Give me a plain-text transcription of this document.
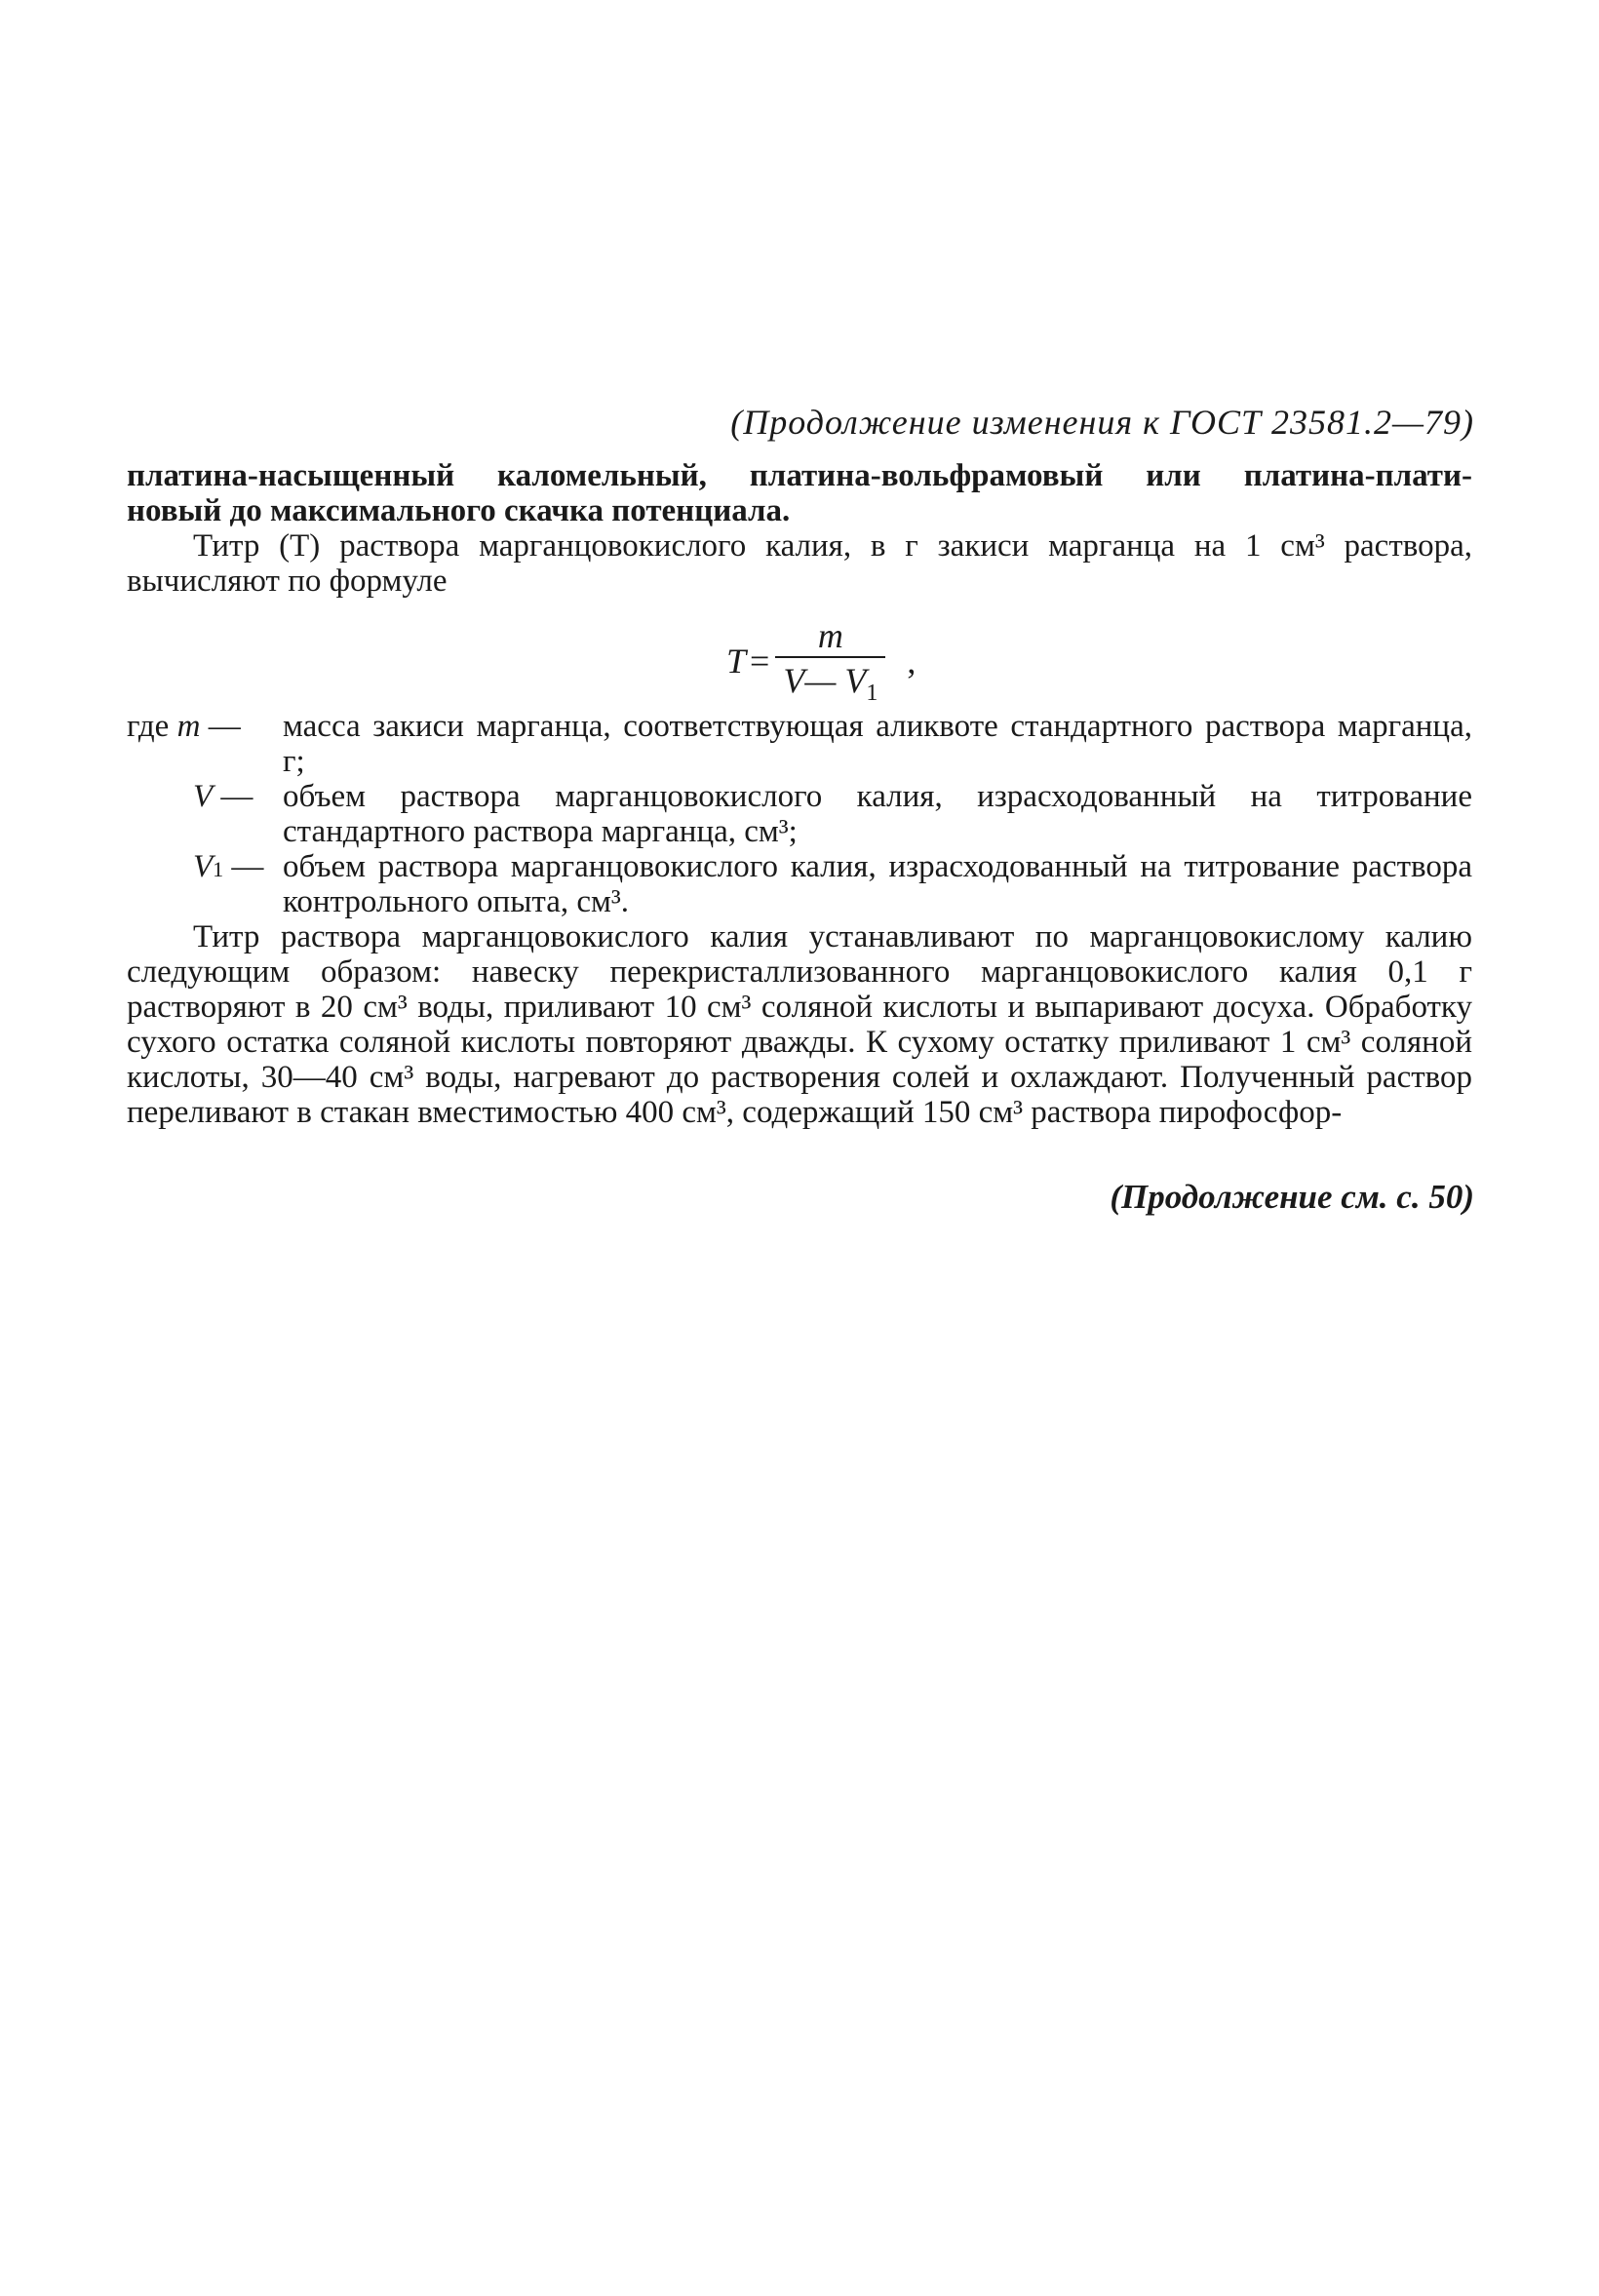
(Продолжение изменения к ГОСТ 23581.2—79)
платина-насыщенный каломельный, платина-вольфрамовый или платина-плати-
новый до максимального скачка потенциала.
Титр (T) раствора марганцовокислого калия, в г закиси марганца на 1 см³ раствора, вычисляют по формуле
$T = \frac{m}{V— V_1}$ ,
где m —	масса закиси марганца, соответствующая аликвоте стандартного раствора марганца, г;
V — объем раствора марганцовокислого калия, израсходованный на титрование стандартного раствора марганца, см³;
V1 — объем раствора марганцовокислого калия, израсходованный на титрование раствора контрольного опыта, см³.
Титр раствора марганцовокислого калия устанавливают по марганцовокислому калию следующим образом: навеску перекристаллизованного марганцовокислого калия 0,1 г растворяют в 20 см³ воды, приливают 10 см³ соляной кислоты и выпаривают досуха. Обработку сухого остатка соляной кислоты повторяют дважды. К сухому остатку приливают 1 см³ соляной кислоты, 30—40 см³ воды, нагревают до растворения солей и охлаждают. Полученный раствор переливают в стакан вместимостью 400 см³, содержащий 150 см³ раствора пирофосфор-
(Продолжение см. с. 50)
